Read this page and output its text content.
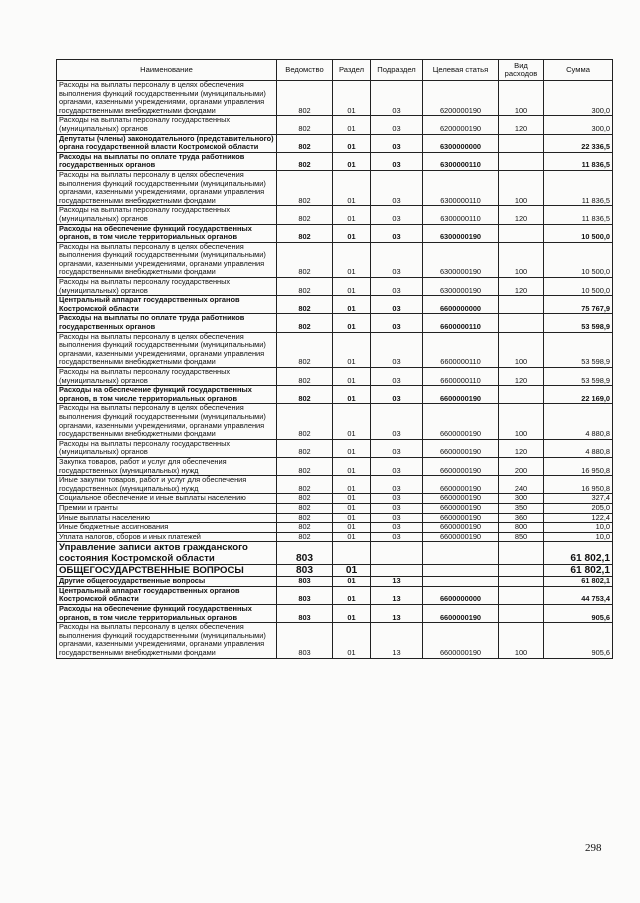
Наименование	Ведомство	Раздел	Подраздел	Целевая статья	Вид расходов	Сумма
Расходы на выплаты персоналу в целях обеспечения выполнения функций государственными (муниципальными) органами, казенными учреждениями, органами управления государственными внебюджетными фондами	802	01	03	6200000190	100	300,0
Расходы на выплаты персоналу государственных (муниципальных) органов	802	01	03	6200000190	120	300,0
Депутаты (члены) законодательного (представительного) органа государственной власти Костромской области	802	01	03	6300000000		22 336,5
Расходы на выплаты по оплате труда работников государственных органов	802	01	03	6300000110		11 836,5
Расходы на выплаты персоналу в целях обеспечения выполнения функций государственными (муниципальными) органами, казенными учреждениями, органами управления государственными внебюджетными фондами	802	01	03	6300000110	100	11 836,5
Расходы на выплаты персоналу государственных (муниципальных) органов	802	01	03	6300000110	120	11 836,5
Расходы на обеспечение функций государственных органов, в том числе территориальных органов	802	01	03	6300000190		10 500,0
Расходы на выплаты персоналу в целях обеспечения выполнения функций государственными (муниципальными) органами, казенными учреждениями, органами управления государственными внебюджетными фондами	802	01	03	6300000190	100	10 500,0
Расходы на выплаты персоналу государственных (муниципальных) органов	802	01	03	6300000190	120	10 500,0
Центральный аппарат государственных органов Костромской области	802	01	03	6600000000		75 767,9
Расходы на выплаты по оплате труда работников государственных органов	802	01	03	6600000110		53 598,9
Расходы на выплаты персоналу в целях обеспечения выполнения функций государственными (муниципальными) органами, казенными учреждениями, органами управления государственными внебюджетными фондами	802	01	03	6600000110	100	53 598,9
Расходы на выплаты персоналу государственных (муниципальных) органов	802	01	03	6600000110	120	53 598,9
Расходы на обеспечение функций государственных органов, в том числе территориальных органов	802	01	03	6600000190		22 169,0
Расходы на выплаты персоналу в целях обеспечения выполнения функций государственными (муниципальными) органами, казенными учреждениями, органами управления государственными внебюджетными фондами	802	01	03	6600000190	100	4 880,8
Расходы на выплаты персоналу государственных (муниципальных) органов	802	01	03	6600000190	120	4 880,8
Закупка товаров, работ и услуг для обеспечения государственных (муниципальных) нужд	802	01	03	6600000190	200	16 950,8
Иные закупки товаров, работ и услуг для обеспечения государственных (муниципальных) нужд	802	01	03	6600000190	240	16 950,8
Социальное обеспечение и иные выплаты населению	802	01	03	6600000190	300	327,4
Премии и гранты	802	01	03	6600000190	350	205,0
Иные выплаты населению	802	01	03	6600000190	360	122,4
Иные бюджетные ассигнования	802	01	03	6600000190	800	10,0
Уплата налогов, сборов и иных платежей	802	01	03	6600000190	850	10,0
Управление записи актов гражданского состояния Костромской области	803					61 802,1
ОБЩЕГОСУДАРСТВЕННЫЕ ВОПРОСЫ	803	01				61 802,1
Другие общегосударственные вопросы	803	01	13			61 802,1
Центральный аппарат государственных органов Костромской области	803	01	13	6600000000		44 753,4
Расходы на обеспечение функций государственных органов, в том числе территориальных органов	803	01	13	6600000190		905,6
Расходы на выплаты персоналу в целях обеспечения выполнения функций государственными (муниципальными) органами, казенными учреждениями, органами управления государственными внебюджетными фондами	803	01	13	6600000190	100	905,6
298
